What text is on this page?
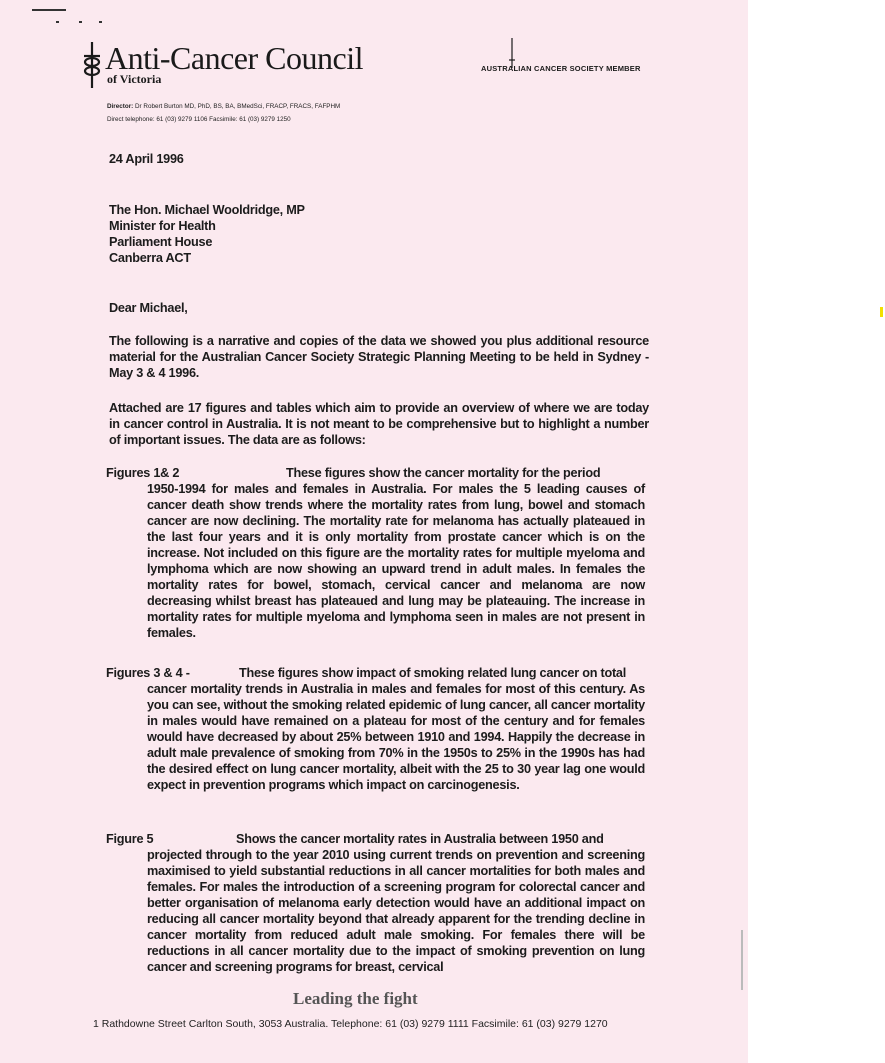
Anti-Cancer Council
of Victoria
AUSTRALIAN CANCER SOCIETY MEMBER
Director: Dr Robert Burton MD, PhD, BS, BA, BMedSci, FRACP, FRACS, FAFPHM
Direct telephone: 61 (03) 9279 1106 Facsimile: 61 (03) 9279 1250
24 April 1996
The Hon. Michael Wooldridge, MP
Minister for Health
Parliament House
Canberra ACT
Dear Michael,
The following is a narrative and copies of the data we showed you plus additional resource material for the Australian Cancer Society Strategic Planning Meeting to be held in Sydney - May 3 & 4 1996.
Attached are 17 figures and tables which aim to provide an overview of where we are today in cancer control in Australia. It is not meant to be comprehensive but to highlight a number of important issues. The data are as follows:
Figures 1& 2	These figures show the cancer mortality for the period
1950-1994 for males and females in Australia. For males the 5 leading causes of cancer death show trends where the mortality rates from lung, bowel and stomach cancer are now declining. The mortality rate for melanoma has actually plateaued in the last four years and it is only mortality from prostate cancer which is on the increase. Not included on this figure are the mortality rates for multiple myeloma and lymphoma which are now showing an upward trend in adult males. In females the mortality rates for bowel, stomach, cervical cancer and melanoma are now decreasing whilst breast has plateaued and lung may be plateauing. The increase in mortality rates for multiple myeloma and lymphoma seen in males are not present in females.
Figures 3 & 4 -	These figures show impact of smoking related lung cancer on total
cancer mortality trends in Australia in males and females for most of this century. As you can see, without the smoking related epidemic of lung cancer, all cancer mortality in males would have remained on a plateau for most of the century and for females would have decreased by about 25% between 1910 and 1994. Happily the decrease in adult male prevalence of smoking from 70% in the 1950s to 25% in the 1990s has had the desired effect on lung cancer mortality, albeit with the 25 to 30 year lag one would expect in prevention programs which impact on carcinogenesis.
Figure 5	Shows the cancer mortality rates in Australia between 1950 and
projected through to the year 2010 using current trends on prevention and screening maximised to yield substantial reductions in all cancer mortalities for both males and females. For males the introduction of a screening program for colorectal cancer and better organisation of melanoma early detection would have an additional impact on reducing all cancer mortality beyond that already apparent for the trending decline in cancer mortality from reduced adult male smoking. For females there will be reductions in all cancer mortality due to the impact of smoking prevention on lung cancer and screening programs for breast, cervical
Leading the fight
1 Rathdowne Street Carlton South, 3053 Australia. Telephone: 61 (03) 9279 1111 Facsimile: 61 (03) 9279 1270
